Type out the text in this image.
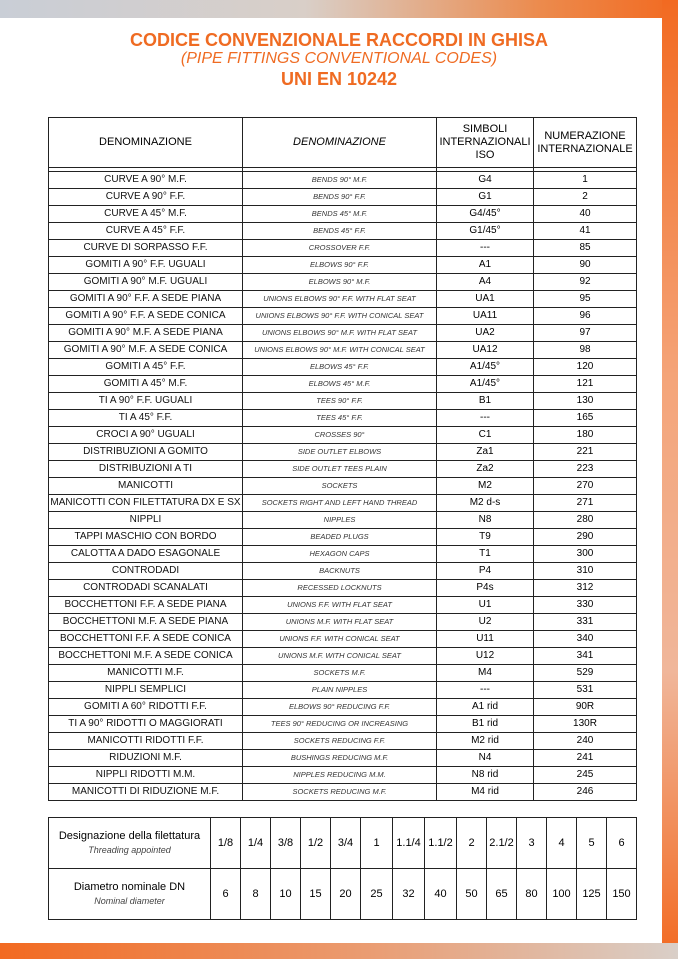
CODICE CONVENZIONALE RACCORDI IN GHISA
(PIPE FITTINGS CONVENTIONAL CODES)
UNI EN 10242
DENOMINAZIONE	DENOMINAZIONE	SIMBOLI
INTERNAZIONALI
ISO	NUMERAZIONE
INTERNAZIONALE

CURVE A 90° M.F.	BENDS 90° M.F.	G4	1
CURVE A 90° F.F.	BENDS 90° F.F.	G1	2
CURVE A 45° M.F.	BENDS 45° M.F.	G4/45°	40
CURVE A 45° F.F.	BENDS 45° F.F.	G1/45°	41
CURVE DI SORPASSO F.F.	CROSSOVER F.F.	---	85
GOMITI A 90° F.F. UGUALI	ELBOWS 90° F.F.	A1	90
GOMITI A 90° M.F. UGUALI	ELBOWS 90° M.F.	A4	92
GOMITI A 90° F.F. A SEDE PIANA	UNIONS ELBOWS 90° F.F. WITH FLAT SEAT	UA1	95
GOMITI A 90° F.F. A SEDE CONICA	UNIONS ELBOWS 90° F.F. WITH CONICAL SEAT	UA11	96
GOMITI A 90° M.F. A SEDE PIANA	UNIONS ELBOWS 90° M.F. WITH FLAT SEAT	UA2	97
GOMITI A 90° M.F. A SEDE CONICA	UNIONS ELBOWS 90° M.F. WITH CONICAL SEAT	UA12	98
GOMITI A 45° F.F.	ELBOWS 45° F.F.	A1/45°	120
GOMITI A 45° M.F.	ELBOWS 45° M.F.	A1/45°	121
TI A 90° F.F. UGUALI	TEES 90° F.F.	B1	130
TI A 45° F.F.	TEES 45° F.F.	---	165
CROCI A 90° UGUALI	CROSSES 90°	C1	180
DISTRIBUZIONI A GOMITO	SIDE OUTLET ELBOWS	Za1	221
DISTRIBUZIONI A TI	SIDE OUTLET TEES PLAIN	Za2	223
MANICOTTI	SOCKETS	M2	270
MANICOTTI CON FILETTATURA DX E SX	SOCKETS RIGHT AND LEFT HAND THREAD	M2 d-s	271
NIPPLI	NIPPLES	N8	280
TAPPI MASCHIO CON BORDO	BEADED PLUGS	T9	290
CALOTTA A DADO ESAGONALE	HEXAGON CAPS	T1	300
CONTRODADI	BACKNUTS	P4	310
CONTRODADI SCANALATI	RECESSED LOCKNUTS	P4s	312
BOCCHETTONI F.F. A SEDE PIANA	UNIONS F.F. WITH FLAT SEAT	U1	330
BOCCHETTONI M.F. A SEDE PIANA	UNIONS M.F. WITH FLAT SEAT	U2	331
BOCCHETTONI F.F. A SEDE CONICA	UNIONS F.F. WITH CONICAL SEAT	U11	340
BOCCHETTONI M.F. A SEDE CONICA	UNIONS M.F. WITH CONICAL SEAT	U12	341
MANICOTTI M.F.	SOCKETS M.F.	M4	529
NIPPLI SEMPLICI	PLAIN NIPPLES	---	531
GOMITI A 60° RIDOTTI F.F.	ELBOWS 90° REDUCING F.F.	A1 rid	90R
TI A 90° RIDOTTI O MAGGIORATI	TEES 90° REDUCING OR INCREASING	B1 rid	130R
MANICOTTI RIDOTTI F.F.	SOCKETS REDUCING F.F.	M2 rid	240
RIDUZIONI M.F.	BUSHINGS REDUCING M.F.	N4	241
NIPPLI RIDOTTI M.M.	NIPPLES REDUCING M.M.	N8 rid	245
MANICOTTI DI RIDUZIONE M.F.	SOCKETS REDUCING M.F.	M4 rid	246
Designazione della filettatura
Threading appointed	1/8	1/4	3/8	1/2	3/4	1	1.1/4	1.1/2	2	2.1/2	3	4	5	6
Diametro nominale DN
Nominal diameter	6	8	10	15	20	25	32	40	50	65	80	100	125	150
